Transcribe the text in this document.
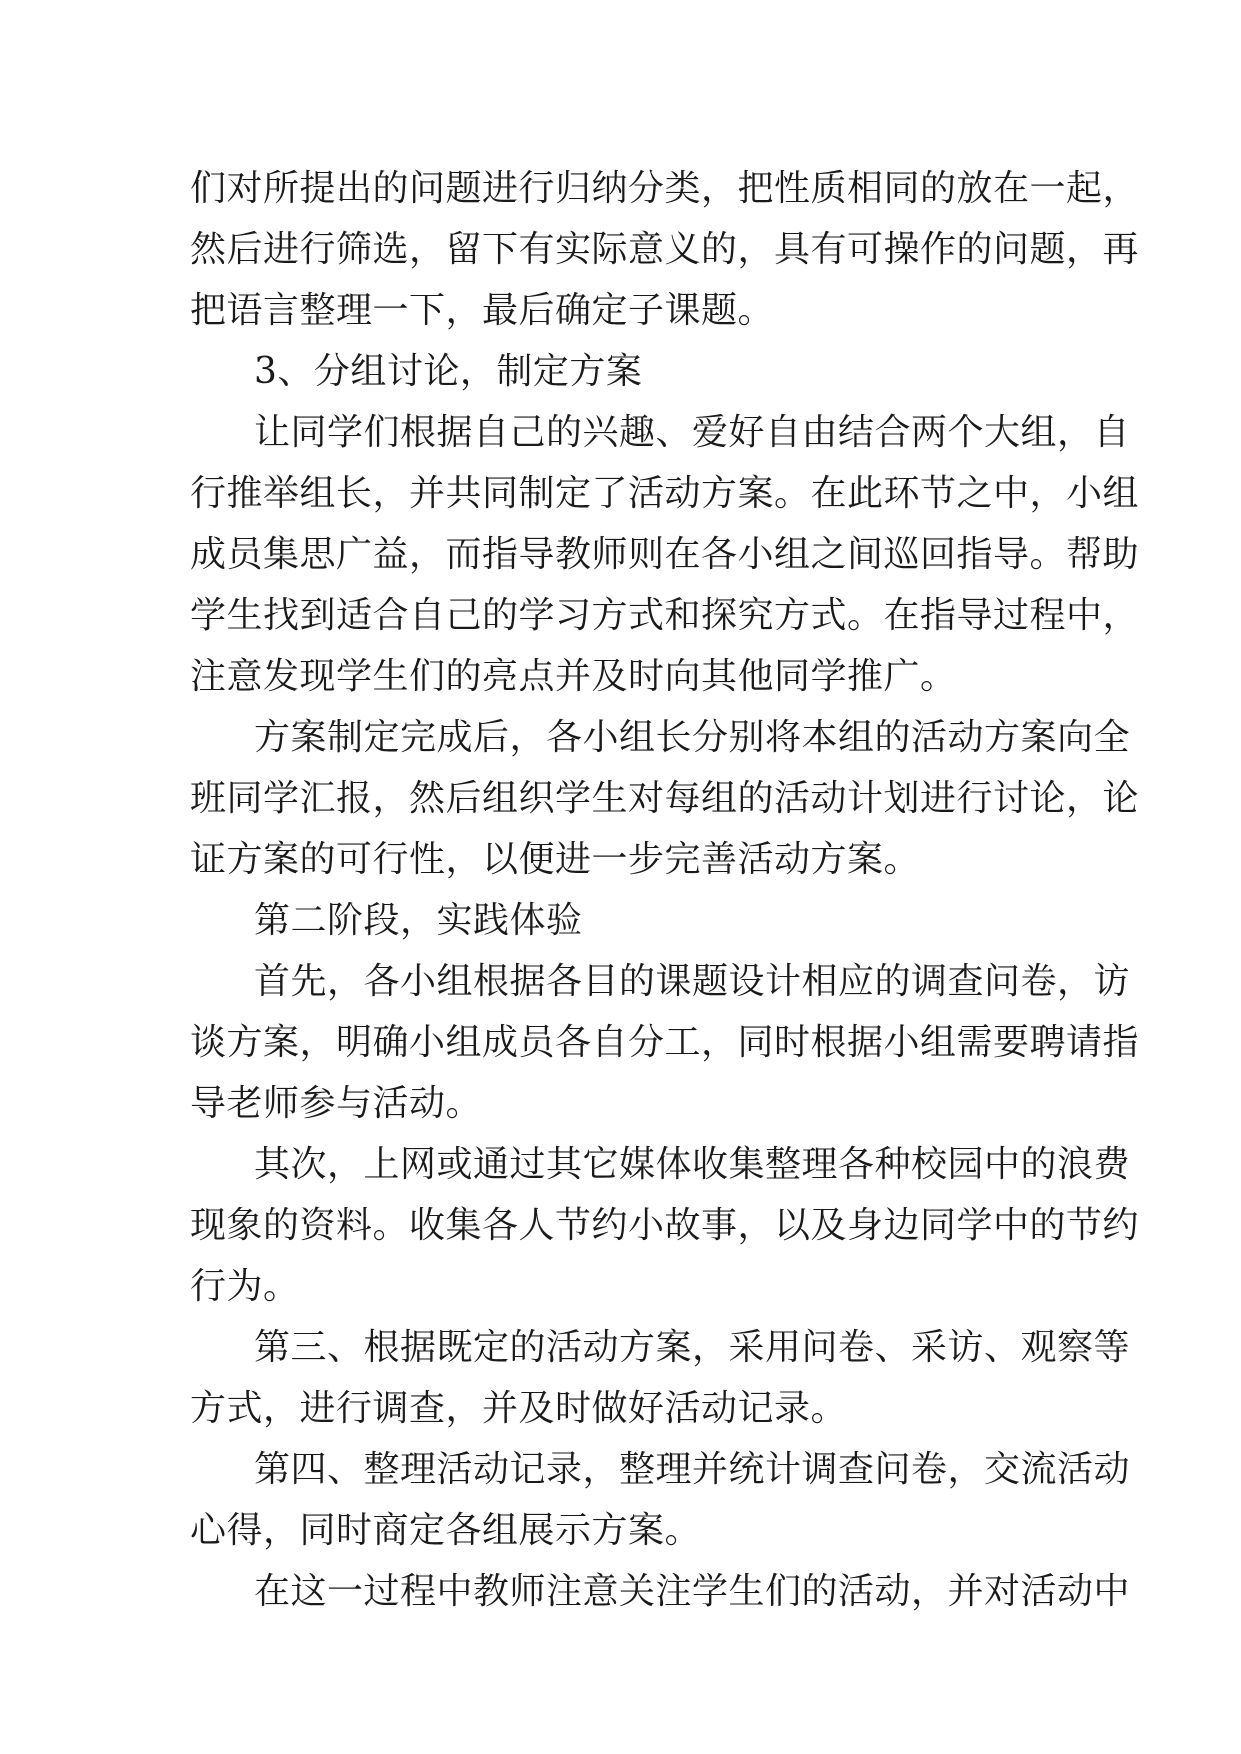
们对所提出的问题进行归纳分类，把性质相同的放在一起，
然后进行筛选，留下有实际意义的，具有可操作的问题，再
把语言整理一下，最后确定子课题。
3、分组讨论，制定方案
让同学们根据自己的兴趣、爱好自由结合两个大组，自
行推举组长，并共同制定了活动方案。在此环节之中，小组
成员集思广益，而指导教师则在各小组之间巡回指导。帮助
学生找到适合自己的学习方式和探究方式。在指导过程中，
注意发现学生们的亮点并及时向其他同学推广。
方案制定完成后，各小组长分别将本组的活动方案向全
班同学汇报，然后组织学生对每组的活动计划进行讨论，论
证方案的可行性，以便进一步完善活动方案。
第二阶段，实践体验
首先，各小组根据各目的课题设计相应的调查问卷，访
谈方案，明确小组成员各自分工，同时根据小组需要聘请指
导老师参与活动。
其次，上网或通过其它媒体收集整理各种校园中的浪费
现象的资料。收集各人节约小故事，以及身边同学中的节约
行为。
第三、根据既定的活动方案，采用问卷、采访、观察等
方式，进行调查，并及时做好活动记录。
第四、整理活动记录，整理并统计调查问卷，交流活动
心得，同时商定各组展示方案。
在这一过程中教师注意关注学生们的活动，并对活动中
